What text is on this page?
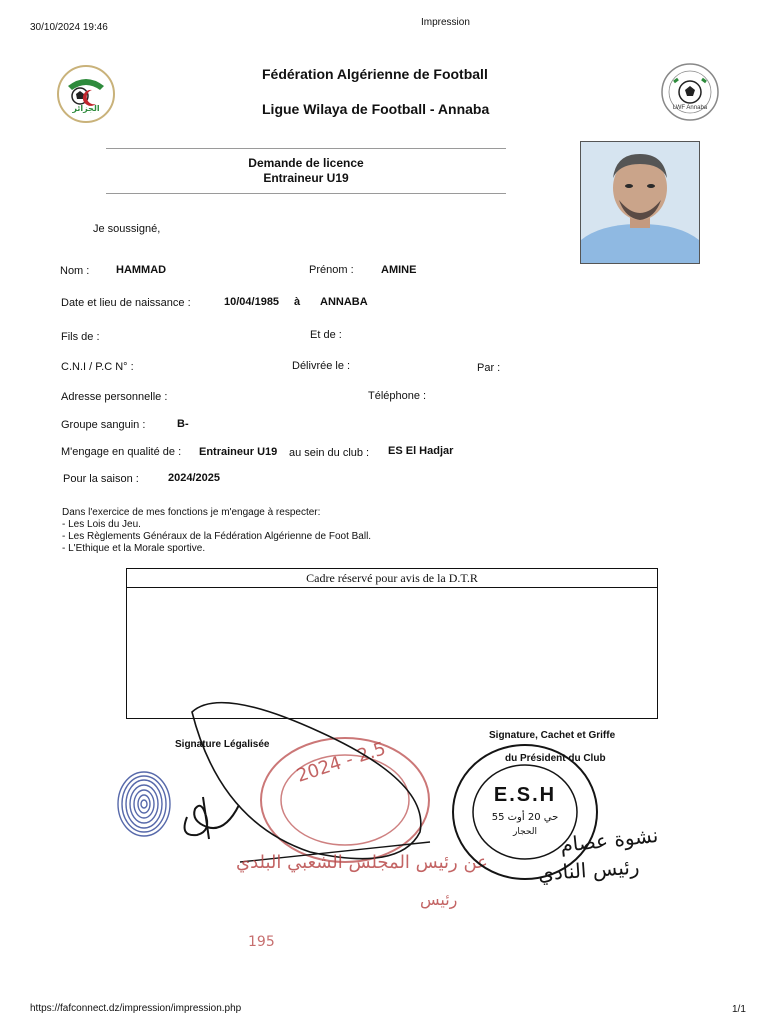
30/10/2024 19:46	Impression
الجزائر
Fédération Algérienne de Football
Ligue Wilaya de Football - Annaba	LWF Annaba
Demande de licence
Entraineur U19
Je soussigné,
Nom : HAMMAD	Prénom : AMINE
Date et lieu de naissance :	10/04/1985 à ANNABA
Fils de :	Et de :
C.N.I / P.C N° :	Délivrée le :	Par :
Adresse personnelle :	Téléphone :
Groupe sanguin :	B-
M'engage en qualité de : Entraineur U19 au sein du club : ES El Hadjar
Pour la saison :	2024/2025
Dans l'exercice de mes fonctions je m'engage à respecter:
- Les Lois du Jeu.
- Les Règlements Généraux de la Fédération Algérienne de Foot Ball.
- L'Ethique et la Morale sportive.
Cadre réservé pour avis de la D.T.R
Signature Légalisée
Signature, Cachet et Griffe
du Président du Club
2024 - 2.5
عن رئيس المجلس الشعبي البلدي
رئيس
195
E.S.H
حي 20 أوت 55
الحجار	نشوة عصام
رئيس النادي
https://fafconnect.dz/impression/impression.php	1/1
